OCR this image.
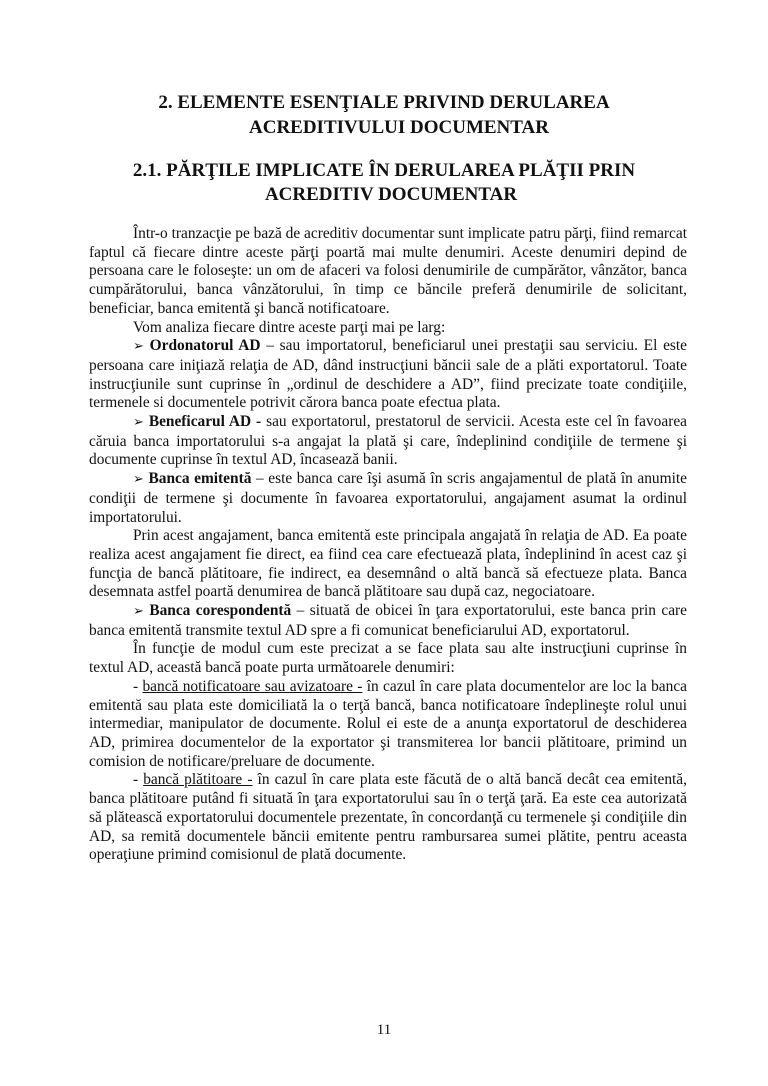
2. ELEMENTE ESENŢIALE PRIVIND DERULAREA
ACREDITIVULUI DOCUMENTAR
2.1. PĂRŢILE IMPLICATE ÎN DERULAREA PLĂŢII PRIN
ACREDITIV DOCUMENTAR

Într-o tranzacţie pe bază de acreditiv documentar sunt implicate patru părţi, fiind remarcat faptul că fiecare dintre aceste părţi poartă mai multe denumiri. Aceste denumiri depind de persoana care le foloseşte: un om de afaceri va folosi denumirile de cumpărător, vânzător, banca cumpărătorului, banca vânzătorului, în timp ce băncile preferă denumirile de solicitant, beneficiar, banca emitentă şi bancă notificatoare.

Vom analiza fiecare dintre aceste parţi mai pe larg:

➢ Ordonatorul AD – sau importatorul, beneficiarul unei prestaţii sau serviciu. El este persoana care iniţiază relaţia de AD, dând instrucţiuni băncii sale de a plăti exportatorul. Toate instrucţiunile sunt cuprinse în „ordinul de deschidere a AD”, fiind precizate toate condiţiile, termenele si documentele potrivit cărora banca poate efectua plata.

➢ Beneficarul AD - sau exportatorul, prestatorul de servicii. Acesta este cel în favoarea căruia banca importatorului s-a angajat la plată şi care, îndeplinind condiţiile de termene şi documente cuprinse în textul AD, încasează banii.

➢ Banca emitentă – este banca care îşi asumă în scris angajamentul de plată în anumite condiţii de termene şi documente în favoarea exportatorului, angajament asumat la ordinul importatorului.

Prin acest angajament, banca emitentă este principala angajată în relaţia de AD. Ea poate realiza acest angajament fie direct, ea fiind cea care efectuează plata, îndeplinind în acest caz şi funcţia de bancă plătitoare, fie indirect, ea desemnând o altă bancă să efectueze plata. Banca desemnata astfel poartă denumirea de bancă plătitoare sau după caz, negociatoare.

➢ Banca corespondentă – situată de obicei în ţara exportatorului, este banca prin care banca emitentă transmite textul AD spre a fi comunicat beneficiarului AD, exportatorul.

În funcţie de modul cum este precizat a se face plata sau alte instrucţiuni cuprinse în textul AD, această bancă poate purta următoarele denumiri:

- bancă notificatoare sau avizatoare - în cazul în care plata documentelor are loc la banca emitentă sau plata este domiciliată la o terţă bancă, banca notificatoare îndeplineşte rolul unui intermediar, manipulator de documente. Rolul ei este de a anunţa exportatorul de deschiderea AD, primirea documentelor de la exportator şi transmiterea lor bancii plătitoare, primind un comision de notificare/preluare de documente.

- bancă plătitoare - în cazul în care plata este făcută de o altă bancă decât cea emitentă, banca plătitoare putând fi situată în ţara exportatorului sau în o terţă ţară. Ea este cea autorizată să plătească exportatorului documentele prezentate, în concordanţă cu termenele şi condiţiile din AD, sa remită documentele băncii emitente pentru rambursarea sumei plătite, pentru aceasta operaţiune primind comisionul de plată documente.

11
